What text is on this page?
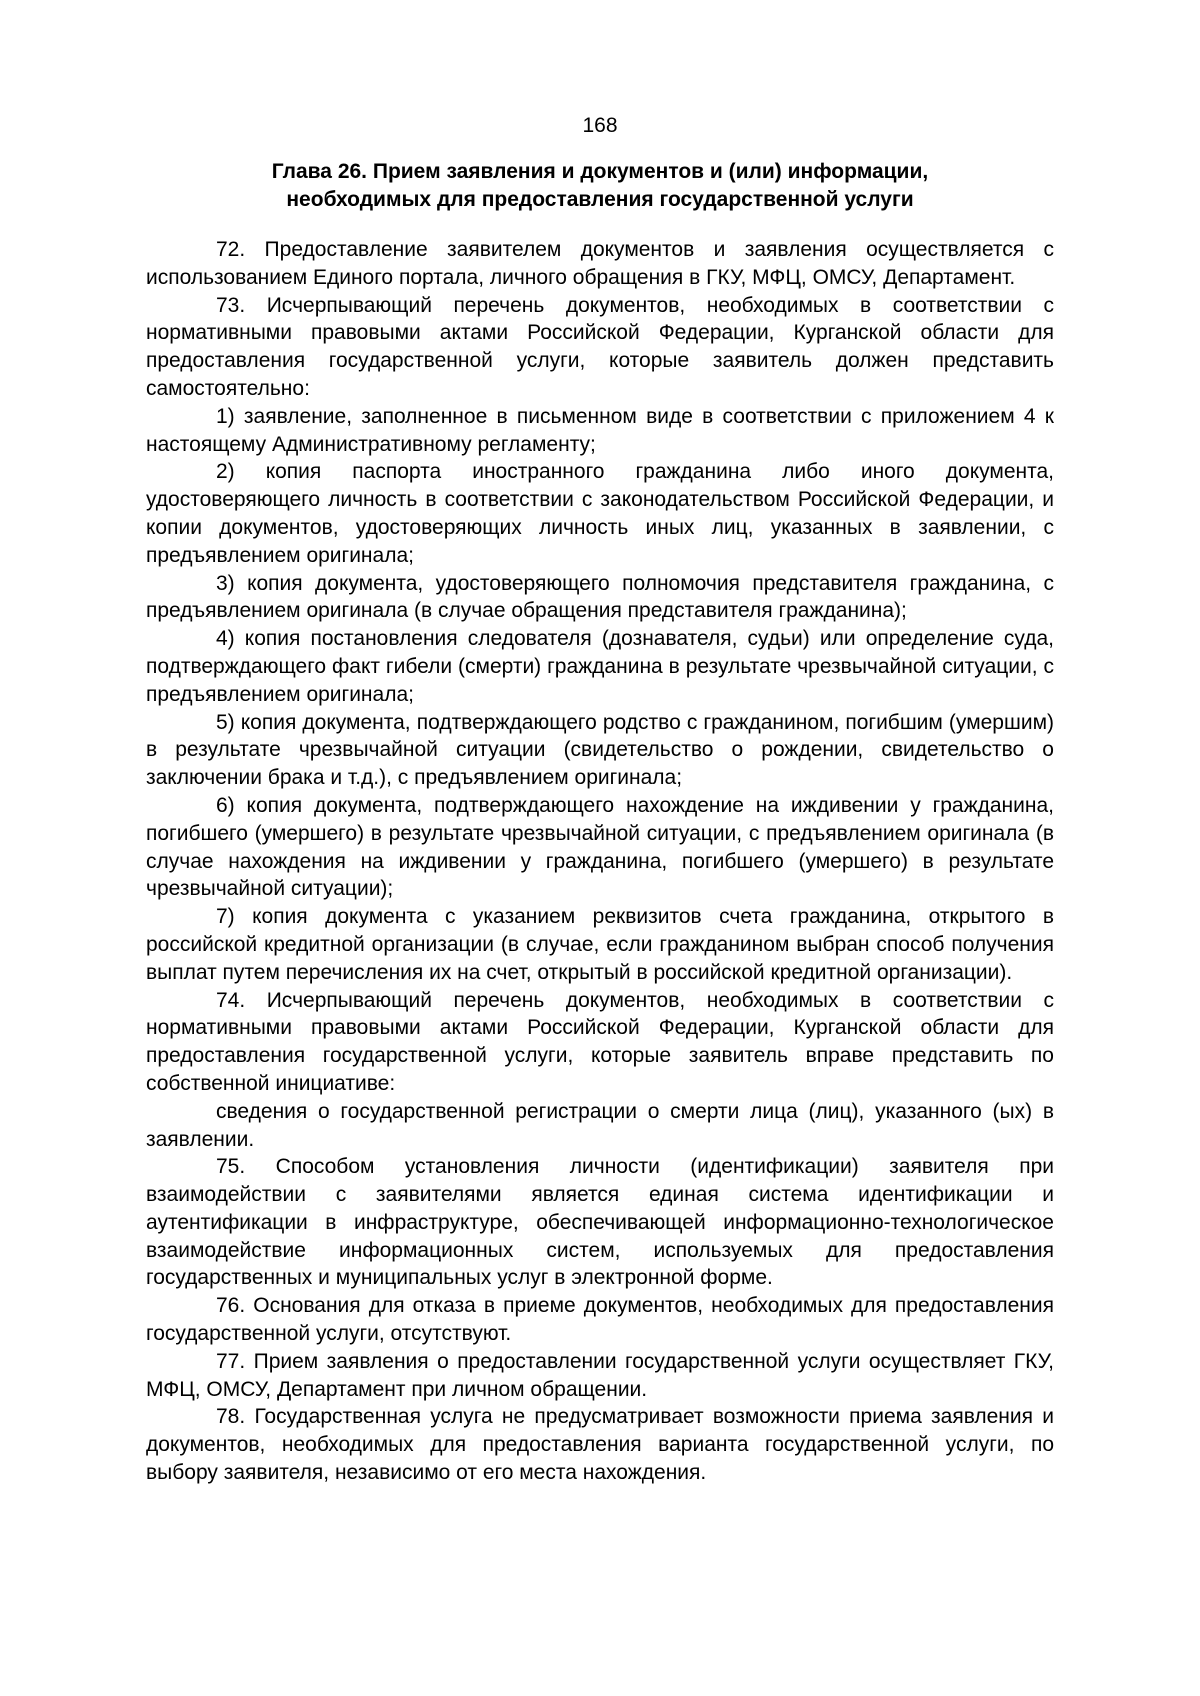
168
Глава 26. Прием заявления и документов и (или) информации,
необходимых для предоставления государственной услуги

72. Предоставление заявителем документов и заявления осуществляется с использованием Единого портала, личного обращения в ГКУ, МФЦ, ОМСУ, Департамент.

73. Исчерпывающий перечень документов, необходимых в соответствии с нормативными правовыми актами Российской Федерации, Курганской области для предоставления государственной услуги, которые заявитель должен представить самостоятельно:

1) заявление, заполненное в письменном виде в соответствии с приложением 4 к настоящему Административному регламенту;

2) копия паспорта иностранного гражданина либо иного документа, удостоверяющего личность в соответствии с законодательством Российской Федерации, и копии документов, удостоверяющих личность иных лиц, указанных в заявлении, с предъявлением оригинала;

3) копия документа, удостоверяющего полномочия представителя гражданина, с предъявлением оригинала (в случае обращения представителя гражданина);

4) копия постановления следователя (дознавателя, судьи) или определение суда, подтверждающего факт гибели (смерти) гражданина в результате чрезвычайной ситуации, с предъявлением оригинала;

5) копия документа, подтверждающего родство с гражданином, погибшим (умершим) в результате чрезвычайной ситуации (свидетельство о рождении, свидетельство о заключении брака и т.д.), с предъявлением оригинала;

6) копия документа, подтверждающего нахождение на иждивении у гражданина, погибшего (умершего) в результате чрезвычайной ситуации, с предъявлением оригинала (в случае нахождения на иждивении у гражданина, погибшего (умершего) в результате чрезвычайной ситуации);

7) копия документа с указанием реквизитов счета гражданина, открытого в российской кредитной организации (в случае, если гражданином выбран способ получения выплат путем перечисления их на счет, открытый в российской кредитной организации).

74. Исчерпывающий перечень документов, необходимых в соответствии с нормативными правовыми актами Российской Федерации, Курганской области для предоставления государственной услуги, которые заявитель вправе представить по собственной инициативе:

сведения о государственной регистрации о смерти лица (лиц), указанного (ых) в заявлении.

75. Способом установления личности (идентификации) заявителя при взаимодействии с заявителями является единая система идентификации и аутентификации в инфраструктуре, обеспечивающей информационно-технологическое взаимодействие информационных систем, используемых для предоставления государственных и муниципальных услуг в электронной форме.

76. Основания для отказа в приеме документов, необходимых для предоставления государственной услуги, отсутствуют.

77. Прием заявления о предоставлении государственной услуги осуществляет ГКУ, МФЦ, ОМСУ, Департамент при личном обращении.

78. Государственная услуга не предусматривает возможности приема заявления и документов, необходимых для предоставления варианта государственной услуги, по выбору заявителя, независимо от его места нахождения.
